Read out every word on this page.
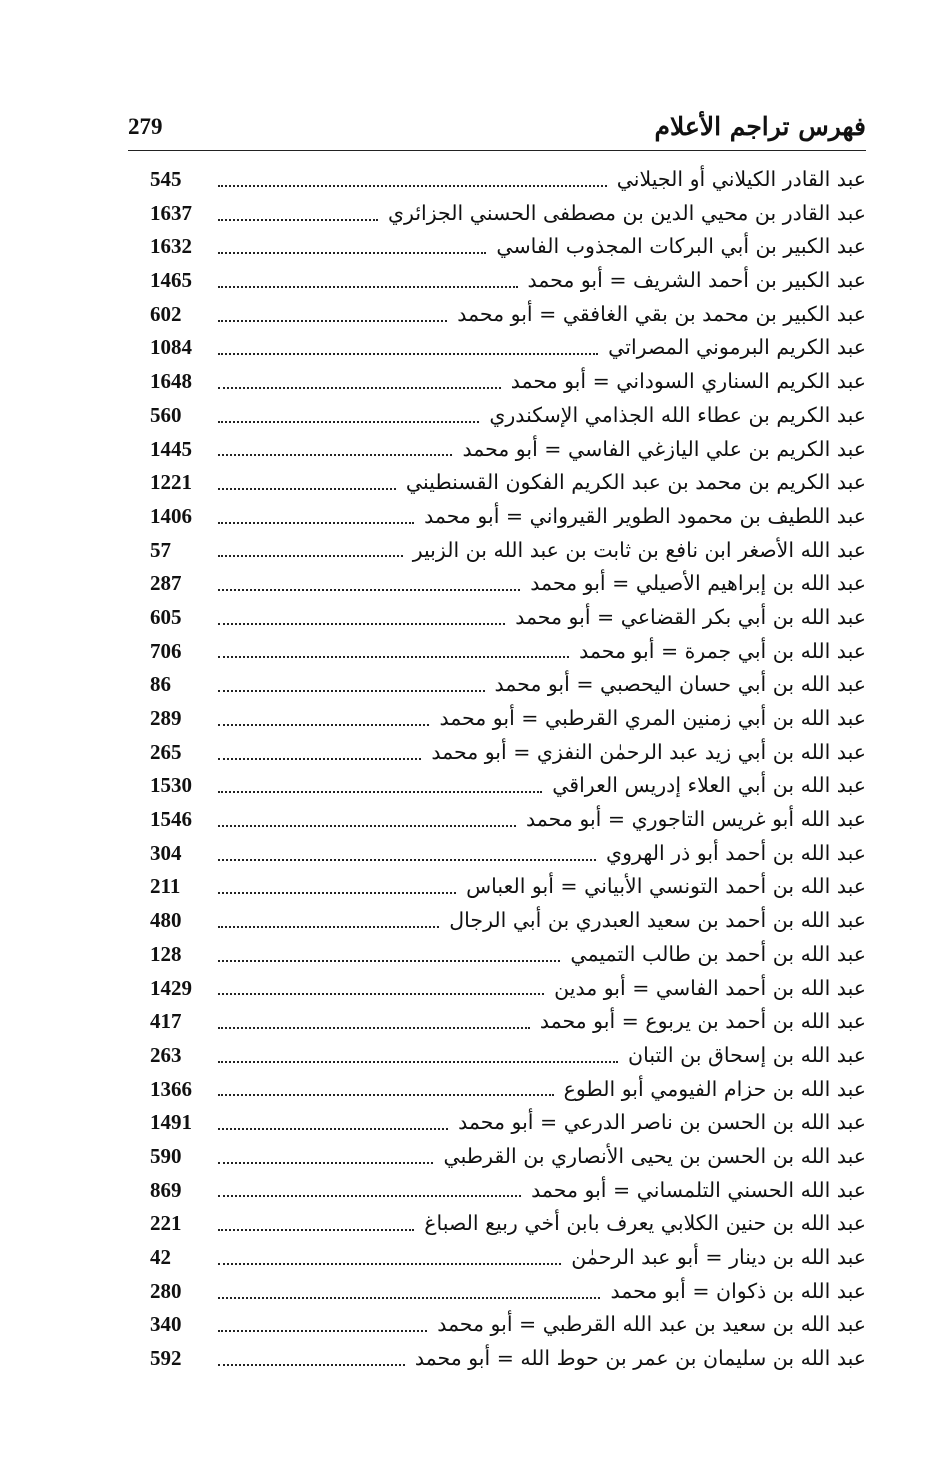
فهرس تراجم الأعلام
279
545	عبد القادر الكيلاني أو الجيلاني
1637	عبد القادر بن محيي الدين بن مصطفى الحسني الجزائري
1632	عبد الكبير بن أبي البركات المجذوب الفاسي
1465	عبد الكبير بن أحمد الشريف = أبو محمد
602	عبد الكبير بن محمد بن بقي الغافقي = أبو محمد
1084	عبد الكريم البرموني المصراتي
1648	عبد الكريم السناري السوداني = أبو محمد
560	عبد الكريم بن عطاء الله الجذامي الإسكندري
1445	عبد الكريم بن علي اليازغي الفاسي = أبو محمد
1221	عبد الكريم بن محمد بن عبد الكريم الفكون القسنطيني
1406	عبد اللطيف بن محمود الطوير القيرواني = أبو محمد
57	عبد الله الأصغر ابن نافع بن ثابت بن عبد الله بن الزبير
287	عبد الله بن إبراهيم الأصيلي = أبو محمد
605	عبد الله بن أبي بكر القضاعي = أبو محمد
706	عبد الله بن أبي جمرة = أبو محمد
86	عبد الله بن أبي حسان اليحصبي = أبو محمد
289	عبد الله بن أبي زمنين المري القرطبي = أبو محمد
265	عبد الله بن أبي زيد عبد الرحمٰن النفزي = أبو محمد
1530	عبد الله بن أبي العلاء إدريس العراقي
1546	عبد الله أبو غريس التاجوري = أبو محمد
304	عبد الله بن أحمد أبو ذر الهروي
211	عبد الله بن أحمد التونسي الأبياني = أبو العباس
480	عبد الله بن أحمد بن سعيد العبدري بن أبي الرجال
128	عبد الله بن أحمد بن طالب التميمي
1429	عبد الله بن أحمد الفاسي = أبو مدين
417	عبد الله بن أحمد بن يربوع = أبو محمد
263	عبد الله بن إسحاق بن التبان
1366	عبد الله بن حزام الفيومي أبو الطوع
1491	عبد الله بن الحسن بن ناصر الدرعي = أبو محمد
590	عبد الله بن الحسن بن يحيى الأنصاري بن القرطبي
869	عبد الله الحسني التلمساني = أبو محمد
221	عبد الله بن حنين الكلابي يعرف بابن أخي ربيع الصباغ
42	عبد الله بن دينار = أبو عبد الرحمٰن
280	عبد الله بن ذكوان = أبو محمد
340	عبد الله بن سعيد بن عبد الله القرطبي = أبو محمد
592	عبد الله بن سليمان بن عمر بن حوط الله = أبو محمد
